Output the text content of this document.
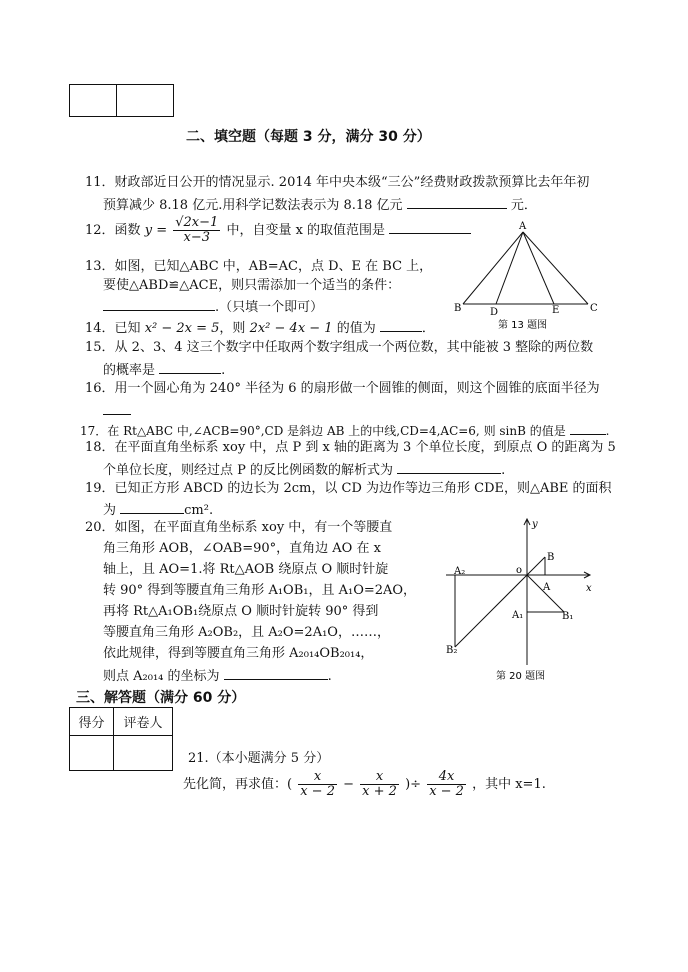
二、填空题（每题 3 分，满分 30 分）
11．财政部近日公开的情况显示. 2014 年中央本级“三公”经费财政拨款预算比去年年初
预算减少 8.18 亿元.用科学记数法表示为 8.18 亿元	元．
12．函数 $y = \frac{√2x-1}{x-3}$ 中，自变量 x 的取值范围是
13．如图，已知△ABC 中，AB=AC，点 D、E 在 BC 上，
要使△ABD≌△ACE，则只需添加一个适当的条件：
.（只填一个即可）
A
B	C
D	E
第 13 题图
14．已知 x² − 2x = 5，则 2x² − 4x − 1 的值为	．
15．从 2、3、4 这三个数字中任取两个数字组成一个两位数，其中能被 3 整除的两位数
的概率是	.
16．用一个圆心角为 240° 半径为 6 的扇形做一个圆锥的侧面，则这个圆锥的底面半径为
17．在 Rt△ABC 中,∠ACB=90°,CD 是斜边 AB 上的中线,CD=4,AC=6, 则 sinB 的值是	.
18．在平面直角坐标系 xoy 中，点 P 到 x 轴的距离为 3 个单位长度，到原点 O 的距离为 5
个单位长度，则经过点 P 的反比例函数的解析式为	.
19．已知正方形 ABCD 的边长为 2cm，以 CD 为边作等边三角形 CDE，则△ABE 的面积
为	cm².
20．如图，在平面直角坐标系 xoy 中，有一个等腰直
角三角形 AOB，∠OAB=90°，直角边 AO 在 x
轴上，且 AO=1.将 Rt△AOB 绕原点 O 顺时针旋
转 90° 得到等腰直角三角形 A₁OB₁，且 A₁O=2AO，
再将 Rt△A₁OB₁绕原点 O 顺时针旋转 90° 得到
等腰直角三角形 A₂OB₂，且 A₂O=2A₁O，……，
依此规律，得到等腰直角三角形 A₂₀₁₄OB₂₀₁₄，
则点 A₂₀₁₄ 的坐标为	.
y
x
o
B
A
A₁	B₁
A₂
B₂
第 20 题图
三、解答题（满分 60 分）
得分	评卷人

21.（本小题满分 5 分）
先化简，再求值：( $\frac{x}{x - 2} - \frac{x}{x + 2}$ )÷ $\frac{4x}{x - 2}$ ，其中 x=1.
